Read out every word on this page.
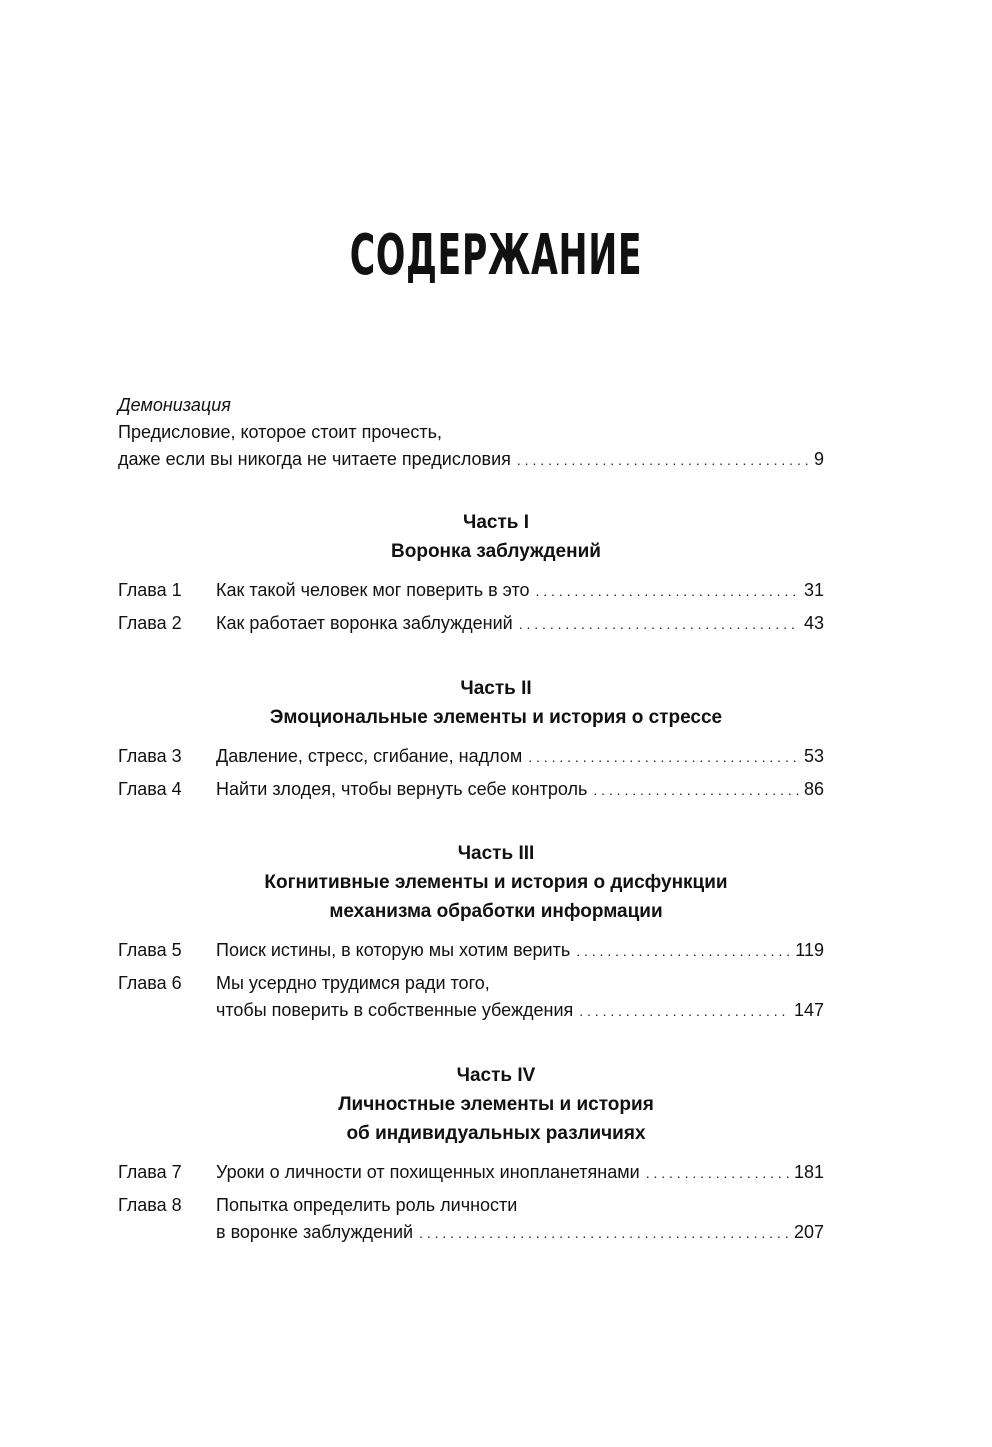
СОДЕРЖАНИЕ
Демонизация
Предисловие, которое стоит прочесть,
даже если вы никогда не читаете предисловия . . .	9
Часть I
Воронка заблуждений
Глава 1 Как такой человек мог поверить в это . . .	31
Глава 2 Как работает воронка заблуждений . . .	43
Часть II
Эмоциональные элементы и история о стрессе
Глава 3 Давление, стресс, сгибание, надлом . . .	53
Глава 4 Найти злодея, чтобы вернуть себе контроль . . .	86
Часть III
Когнитивные элементы и история о дисфункции
механизма обработки информации
Глава 5 Поиск истины, в которую мы хотим верить . . .	119
Глава 6 Мы усердно трудимся ради того,
чтобы поверить в собственные убеждения . . .	147
Часть IV
Личностные элементы и история
об индивидуальных различиях
Глава 7 Уроки о личности от похищенных инопланетянами . . .	181
Глава 8 Попытка определить роль личности
в воронке заблуждений . . .	207
